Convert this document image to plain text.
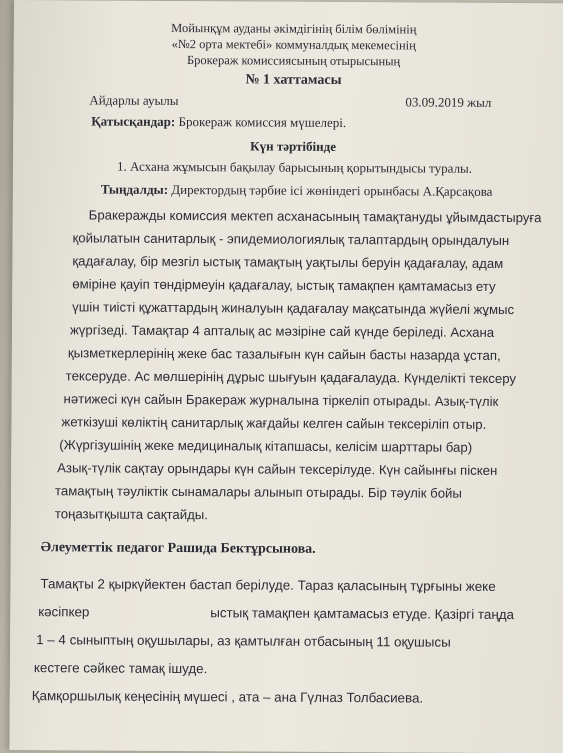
Мойынқұм ауданы әкімдігінің білім бөлімінің
«№2 орта мектебі» коммуналдық мекемесінің
Брокераж комиссиясының отырысының
№ 1 хаттамасы
Айдарлы ауылы	03.09.2019 жыл
Қатысқандар: Брокераж комиссия мүшелері.
Күн тәртібінде
1. Асхана жұмысын бақылау барысының қорытындысы туралы.
Тыңдалды: Директордың тәрбие ісі жөніндегі орынбасы А.Қарсақова
Бракеражды комиссия мектеп асханасының тамақтануды ұйымдастыруға
қойылатын санитарлық - эпидемиологиялық талаптардың орындалуын
қадағалау, бір мезгіл ыстық тамақтың уақтылы беруін қадағалау, адам
өміріне қауіп төндірмеуін қадағалау, ыстық тамақпен қамтамасыз ету
үшін тиісті құжаттардың жиналуын қадағалау мақсатында жүйелі жұмыс
жүргізеді. Тамақтар 4 апталық ас мәзіріне сай күнде беріледі. Асхана
қызметкерлерінің жеке бас тазалығын күн сайын басты назарда ұстап,
тексеруде. Ас мөлшерінің дұрыс шығуын қадағалауда. Күнделікті тексеру
нәтижесі күн сайын Бракераж журналына тіркеліп отырады. Азық-түлік
жеткізуші көліктің санитарлық жағдайы келген сайын тексеріліп отыр.
(Жүргізушінің жеке медициналық кітапшасы, келісім шарттары бар)
Азық-түлік сақтау орындары күн сайын тексерілуде. Күн сайынғы піскен
тамақтың тәуліктік сынамалары алынып отырады. Бір тәулік бойы
тоңазытқышта сақтайды.
Әлеуметтік педагог Рашида Бектұрсынова.
Тамақты 2 қыркүйектен бастап берілуде. Тараз қаласының тұрғыны жеке
кәсіпкер	ыстық тамақпен қамтамасыз етуде. Қазіргі таңда
1 – 4 сыныптың оқушылары, аз қамтылған отбасының 11 оқушысы
кестеге сәйкес тамақ ішуде.
Қамқоршылық кеңесінің мүшесі , ата – ана Гүлназ Толбасиева.
